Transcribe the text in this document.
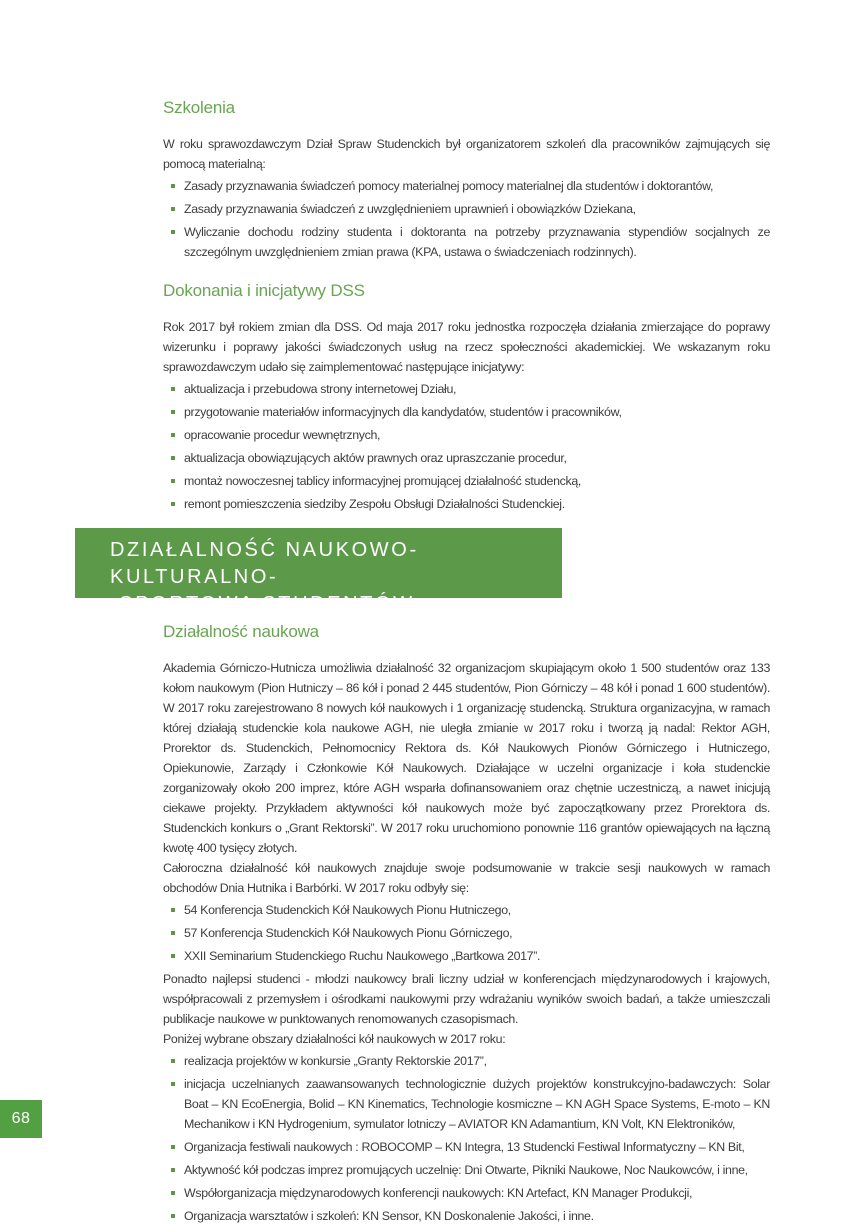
Szkolenia

W roku sprawozdawczym Dział Spraw Studenckich był organizatorem szkoleń dla pracowników zajmujących się pomocą materialną:

Zasady przyznawania świadczeń pomocy materialnej pomocy materialnej dla studentów i doktorantów,
Zasady przyznawania świadczeń z uwzględnieniem uprawnień i obowiązków Dziekana,
Wyliczanie dochodu rodziny studenta i doktoranta na potrzeby przyznawania stypendiów socjalnych ze szczególnym uwzględnieniem zmian prawa (KPA, ustawa o świadczeniach rodzinnych).
Dokonania i inicjatywy DSS

Rok 2017 był rokiem zmian dla DSS. Od maja 2017 roku jednostka rozpoczęła działania zmierzające do poprawy wizerunku i poprawy jakości świadczonych usług na rzecz społeczności akademickiej. We wskazanym roku sprawozdawczym udało się zaimplementować następujące inicjatywy:

aktualizacja i przebudowa strony internetowej Działu,
przygotowanie materiałów informacyjnych dla kandydatów, studentów i pracowników,
opracowanie procedur wewnętrznych,
aktualizacja obowiązujących aktów prawnych oraz upraszczanie procedur,
montaż nowoczesnej tablicy informacyjnej promującej działalność studencką,
remont pomieszczenia siedziby Zespołu Obsługi Działalności Studenckiej.
DZIAŁALNOŚĆ NAUKOWO-KULTURALNO-
-SPORTOWA STUDENTÓW
Działalność naukowa

Akademia Górniczo-Hutnicza umożliwia działalność 32 organizacjom skupiającym około 1 500 studentów oraz 133 kołom naukowym (Pion Hutniczy – 86 kół i ponad 2 445 studentów, Pion Górniczy – 48 kół i ponad 1 600 studentów). W 2017 roku zarejestrowano 8 nowych kół naukowych i 1 organizację studencką. Struktura organizacyjna, w ramach której działają studenckie kola naukowe AGH, nie uległa zmianie w 2017 roku i tworzą ją nadal: Rektor AGH, Prorektor ds. Studenckich, Pełnomocnicy Rektora ds. Kół Naukowych Pionów Górniczego i Hutniczego, Opiekunowie, Zarządy i Członkowie Kół Naukowych. Działające w uczelni organizacje i koła studenckie zorganizowały około 200 imprez, które AGH wsparła dofinansowaniem oraz chętnie uczestniczą, a nawet inicjują ciekawe projekty. Przykładem aktywności kół naukowych może być zapoczątkowany przez Prorektora ds. Studenckich konkurs o „Grant Rektorski”. W 2017 roku uruchomiono ponownie 116 grantów opiewających na łączną kwotę 400 tysięcy złotych.

Całoroczna działalność kół naukowych znajduje swoje podsumowanie w trakcie sesji naukowych w ramach obchodów Dnia Hutnika i Barbórki. W 2017 roku odbyły się:

54 Konferencja Studenckich Kół Naukowych Pionu Hutniczego,
57 Konferencja Studenckich Kół Naukowych Pionu Górniczego,
XXII Seminarium Studenckiego Ruchu Naukowego „Bartkowa 2017”.

Ponadto najlepsi studenci - młodzi naukowcy brali liczny udział w konferencjach międzynarodowych i krajowych, współpracowali z przemysłem i ośrodkami naukowymi przy wdrażaniu wyników swoich badań, a także umieszczali publikacje naukowe w punktowanych renomowanych czasopismach.

Poniżej wybrane obszary działalności kół naukowych w 2017 roku:

realizacja projektów w konkursie „Granty Rektorskie 2017”,
inicjacja uczelnianych zaawansowanych technologicznie dużych projektów konstrukcyjno-badawczych: Solar Boat – KN EcoEnergia, Bolid – KN Kinematics, Technologie kosmiczne – KN AGH Space Systems, E-moto – KN Mechanikow i KN Hydrogenium, symulator lotniczy – AVIATOR KN Adamantium, KN Volt, KN Elektroników,
Organizacja festiwali naukowych : ROBOCOMP – KN Integra, 13 Studencki Festiwal Informatyczny – KN Bit,
Aktywność kół podczas imprez promujących uczelnię: Dni Otwarte, Pikniki Naukowe, Noc Naukowców, i inne,
Współorganizacja międzynarodowych konferencji naukowych: KN Artefact, KN Manager Produkcji,
Organizacja warsztatów i szkoleń: KN Sensor, KN Doskonalenie Jakości, i inne.
68
